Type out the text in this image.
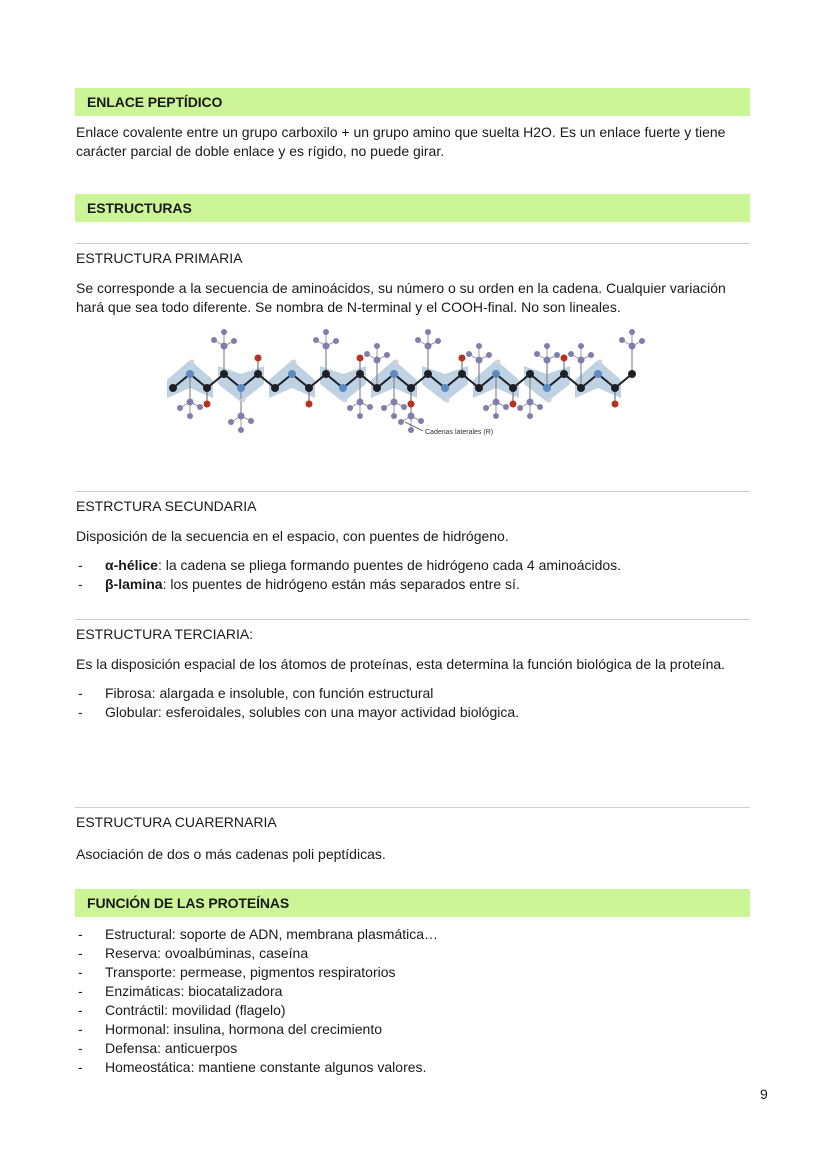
ENLACE PEPTÍDICO
Enlace covalente entre un grupo carboxilo + un grupo amino que suelta H2O. Es un enlace fuerte y tiene carácter parcial de doble enlace y es rígido, no puede girar.
ESTRUCTURAS
ESTRUCTURA PRIMARIA
Se corresponde a la secuencia de aminoácidos, su número o su orden en la cadena. Cualquier variación hará que sea todo diferente. Se nombra de N-terminal y el COOH-final. No son lineales.
Cadenas laterales (R)
ESTRCTURA SECUNDARIA
Disposición de la secuencia en el espacio, con puentes de hidrógeno.
- α-hélice: la cadena se pliega formando puentes de hidrógeno cada 4 aminoácidos.
- β-lamina: los puentes de hidrógeno están más separados entre sí.
ESTRUCTURA TERCIARIA:
Es la disposición espacial de los átomos de proteínas, esta determina la función biológica de la proteína.
- Fibrosa: alargada e insoluble, con función estructural
- Globular: esferoidales, solubles con una mayor actividad biológica.
ESTRUCTURA CUARERNARIA
Asociación de dos o más cadenas poli peptídicas.
FUNCIÓN DE LAS PROTEÍNAS
- Estructural: soporte de ADN, membrana plasmática…
- Reserva: ovoalbúminas, caseína
- Transporte: permease, pigmentos respiratorios
- Enzimáticas: biocatalizadora
- Contráctil: movilidad (flagelo)
- Hormonal: insulina, hormona del crecimiento
- Defensa: anticuerpos
- Homeostática: mantiene constante algunos valores.
9
